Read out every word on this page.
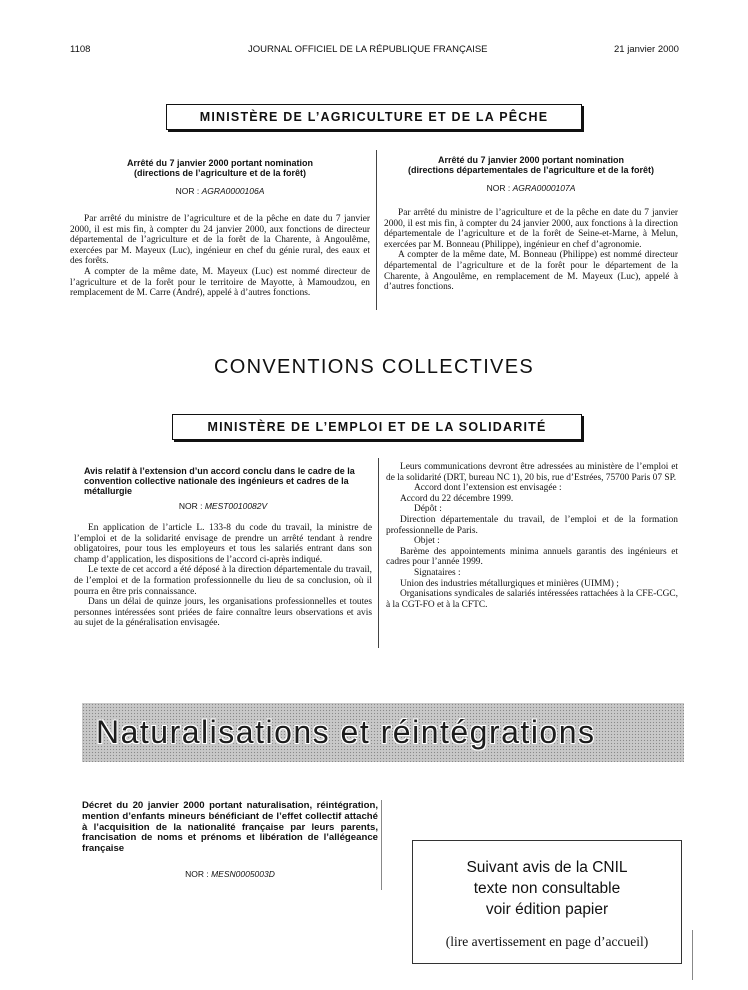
1108	JOURNAL OFFICIEL DE LA RÉPUBLIQUE FRANÇAISE	21 janvier 2000
MINISTÈRE DE L’AGRICULTURE ET DE LA PÊCHE
Arrêté du 7 janvier 2000 portant nomination
(directions de l’agriculture et de la forêt)
NOR : AGRA0000106A

Par arrêté du ministre de l’agriculture et de la pêche en date du 7 janvier 2000, il est mis fin, à compter du 24 janvier 2000, aux fonctions de directeur départemental de l’agriculture et de la forêt de la Charente, à Angoulême, exercées par M. Mayeux (Luc), ingénieur en chef du génie rural, des eaux et des forêts.

A compter de la même date, M. Mayeux (Luc) est nommé directeur de l’agriculture et de la forêt pour le territoire de Mayotte, à Mamoudzou, en remplacement de M. Carre (André), appelé à d’autres fonctions.

Arrêté du 7 janvier 2000 portant nomination
(directions départementales de l’agriculture et de la forêt)
NOR : AGRA0000107A

Par arrêté du ministre de l’agriculture et de la pêche en date du 7 janvier 2000, il est mis fin, à compter du 24 janvier 2000, aux fonctions à la direction départementale de l’agriculture et de la forêt de Seine-et-Marne, à Melun, exercées par M. Bonneau (Philippe), ingénieur en chef d’agronomie.

A compter de la même date, M. Bonneau (Philippe) est nommé directeur départemental de l’agriculture et de la forêt pour le département de la Charente, à Angoulême, en remplacement de M. Mayeux (Luc), appelé à d’autres fonctions.

CONVENTIONS COLLECTIVES
MINISTÈRE DE L’EMPLOI ET DE LA SOLIDARITÉ
Avis relatif à l’extension d’un accord conclu dans le cadre de la convention collective nationale des ingénieurs et cadres de la métallurgie
NOR : MEST0010082V

En application de l’article L. 133-8 du code du travail, la ministre de l’emploi et de la solidarité envisage de prendre un arrêté tendant à rendre obligatoires, pour tous les employeurs et tous les salariés entrant dans son champ d’application, les dispositions de l’accord ci-après indiqué.

Le texte de cet accord a été déposé à la direction départementale du travail, de l’emploi et de la formation professionnelle du lieu de sa conclusion, où il pourra en être pris connaissance.

Dans un délai de quinze jours, les organisations professionnelles et toutes personnes intéressées sont priées de faire connaître leurs observations et avis au sujet de la généralisation envisagée.

Leurs communications devront être adressées au ministère de l’emploi et de la solidarité (DRT, bureau NC 1), 20 bis, rue d’Estrées, 75700 Paris 07 SP.

Accord dont l’extension est envisagée :

Accord du 22 décembre 1999.

Dépôt :

Direction départementale du travail, de l’emploi et de la formation professionnelle de Paris.

Objet :

Barème des appointements minima annuels garantis des ingénieurs et cadres pour l’année 1999.

Signataires :

Union des industries métallurgiques et minières (UIMM) ;

Organisations syndicales de salariés intéressées rattachées à la CFE-CGC, à la CGT-FO et à la CFTC.

Naturalisations et réintégrations
Décret du 20 janvier 2000 portant naturalisation, réintégration, mention d’enfants mineurs bénéficiant de l’effet collectif attaché à l’acquisition de la nationalité française par leurs parents, francisation de noms et prénoms et libération de l’allégeance française
NOR : MESN0005003D	Suivant avis de la CNIL
texte non consultable
voir édition papier
(lire avertissement en page d’accueil)
